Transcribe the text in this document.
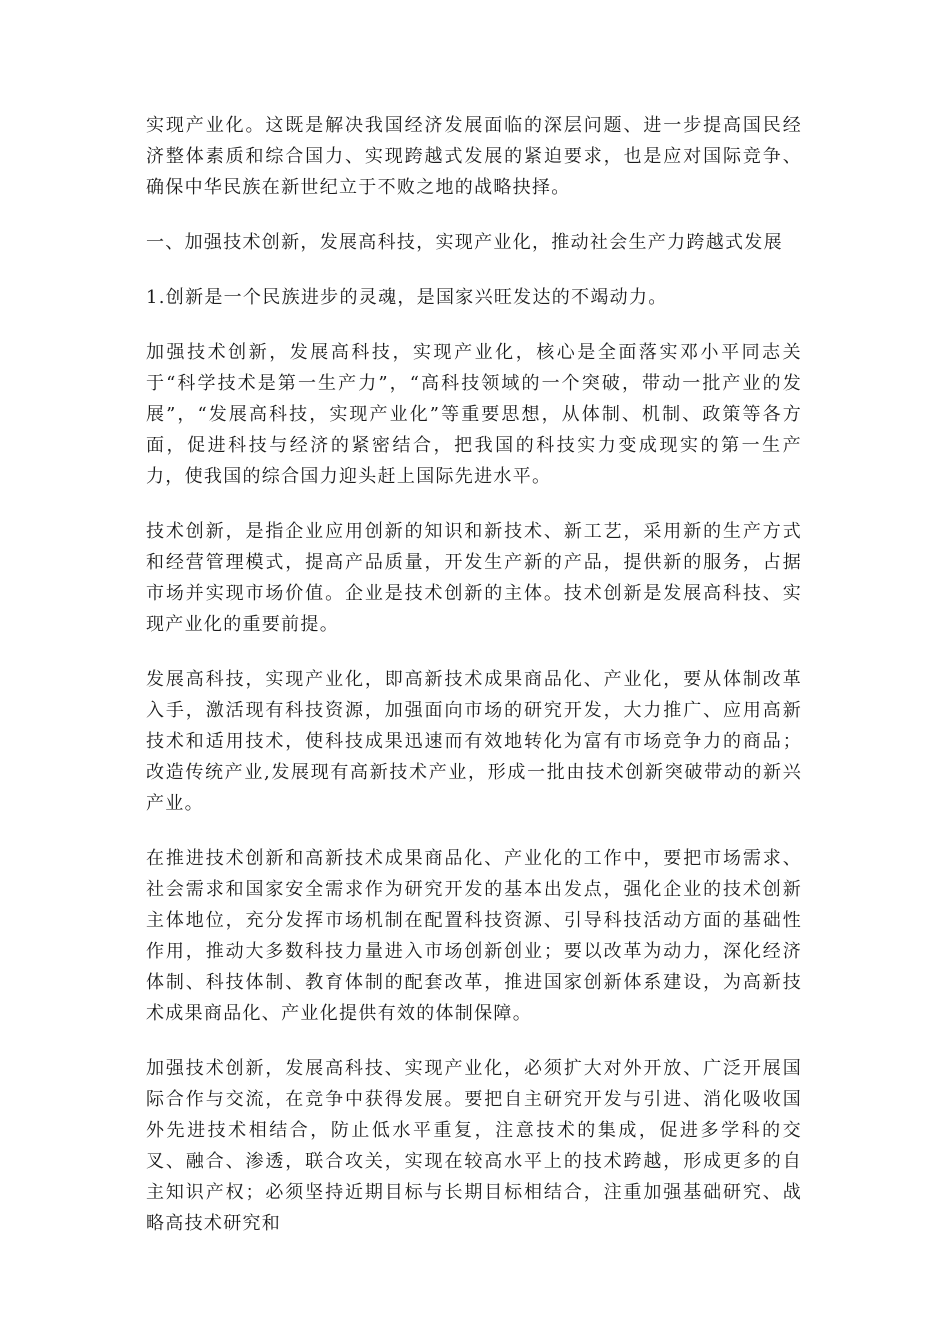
实现产业化。这既是解决我国经济发展面临的深层问题、进一步提高国民经济整体素质和综合国力、实现跨越式发展的紧迫要求，也是应对国际竞争、确保中华民族在新世纪立于不败之地的战略抉择。

一、加强技术创新，发展高科技，实现产业化，推动社会生产力跨越式发展

1.创新是一个民族进步的灵魂，是国家兴旺发达的不竭动力。

加强技术创新，发展高科技，实现产业化，核心是全面落实邓小平同志关于“科学技术是第一生产力”，“高科技领域的一个突破，带动一批产业的发展”，“发展高科技，实现产业化”等重要思想，从体制、机制、政策等各方面，促进科技与经济的紧密结合，把我国的科技实力变成现实的第一生产力，使我国的综合国力迎头赶上国际先进水平。

技术创新，是指企业应用创新的知识和新技术、新工艺，采用新的生产方式和经营管理模式，提高产品质量，开发生产新的产品，提供新的服务，占据市场并实现市场价值。企业是技术创新的主体。技术创新是发展高科技、实现产业化的重要前提。

发展高科技，实现产业化，即高新技术成果商品化、产业化，要从体制改革入手，激活现有科技资源，加强面向市场的研究开发，大力推广、应用高新技术和适用技术，使科技成果迅速而有效地转化为富有市场竞争力的商品；改造传统产业,发展现有高新技术产业，形成一批由技术创新突破带动的新兴产业。

在推进技术创新和高新技术成果商品化、产业化的工作中，要把市场需求、社会需求和国家安全需求作为研究开发的基本出发点，强化企业的技术创新主体地位，充分发挥市场机制在配置科技资源、引导科技活动方面的基础性作用，推动大多数科技力量进入市场创新创业；要以改革为动力，深化经济体制、科技体制、教育体制的配套改革，推进国家创新体系建设，为高新技术成果商品化、产业化提供有效的体制保障。

加强技术创新，发展高科技、实现产业化，必须扩大对外开放、广泛开展国际合作与交流，在竞争中获得发展。要把自主研究开发与引进、消化吸收国外先进技术相结合，防止低水平重复，注意技术的集成，促进多学科的交叉、融合、渗透，联合攻关，实现在较高水平上的技术跨越，形成更多的自主知识产权；必须坚持近期目标与长期目标相结合，注重加强基础研究、战略高技术研究和
